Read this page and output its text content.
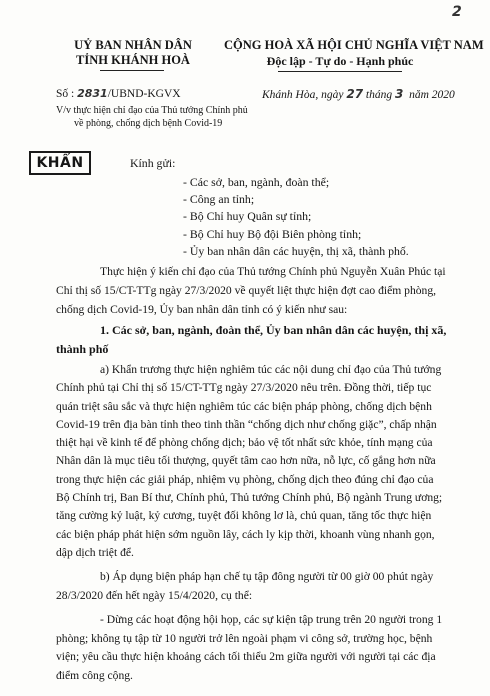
2
UỶ BAN NHÂN DÂN
TỈNH KHÁNH HOÀ
CỘNG HOÀ XÃ HỘI CHỦ NGHĨA VIỆT NAM
Độc lập - Tự do - Hạnh phúc
Số : 2831/UBND-KGVX	Khánh Hòa, ngày 27 tháng 3 năm 2020
V/v thực hiện chỉ đạo của Thủ tướng Chính phủ
về phòng, chống dịch bệnh Covid-19
KHẨN	Kính gửi:
- Các sở, ban, ngành, đoàn thể;
- Công an tỉnh;
- Bộ Chỉ huy Quân sự tỉnh;
- Bộ Chỉ huy Bộ đội Biên phòng tỉnh;
- Ủy ban nhân dân các huyện, thị xã, thành phố.
Thực hiện ý kiến chỉ đạo của Thủ tướng Chính phủ Nguyễn Xuân Phúc tại
Chỉ thị số 15/CT-TTg ngày 27/3/2020 về quyết liệt thực hiện đợt cao điểm phòng,
chống dịch Covid-19, Ủy ban nhân dân tỉnh có ý kiến như sau:
1. Các sở, ban, ngành, đoàn thể, Ủy ban nhân dân các huyện, thị xã,
thành phố
a) Khẩn trương thực hiện nghiêm túc các nội dung chỉ đạo của Thủ tướng
Chính phủ tại Chỉ thị số 15/CT-TTg ngày 27/3/2020 nêu trên. Đồng thời, tiếp tục
quán triệt sâu sắc và thực hiện nghiêm túc các biện pháp phòng, chống dịch bệnh
Covid-19 trên địa bàn tỉnh theo tinh thần “chống dịch như chống giặc”, chấp nhận
thiệt hại về kinh tế để phòng chống dịch; bảo vệ tốt nhất sức khỏe, tính mạng của
Nhân dân là mục tiêu tối thượng, quyết tâm cao hơn nữa, nỗ lực, cố gắng hơn nữa
trong thực hiện các giải pháp, nhiệm vụ phòng, chống dịch theo đúng chỉ đạo của
Bộ Chính trị, Ban Bí thư, Chính phủ, Thủ tướng Chính phủ, Bộ ngành Trung ương;
tăng cường kỷ luật, kỷ cương, tuyệt đối không lơ là, chủ quan, tăng tốc thực hiện
các biện pháp phát hiện sớm nguồn lây, cách ly kịp thời, khoanh vùng nhanh gọn,
dập dịch triệt để.
b) Áp dụng biện pháp hạn chế tụ tập đông người từ 00 giờ 00 phút ngày
28/3/2020 đến hết ngày 15/4/2020, cụ thể:
- Dừng các hoạt động hội họp, các sự kiện tập trung trên 20 người trong 1
phòng; không tụ tập từ 10 người trở lên ngoài phạm vi công sở, trường học, bệnh
viện; yêu cầu thực hiện khoảng cách tối thiểu 2m giữa người với người tại các địa
điểm công cộng.
